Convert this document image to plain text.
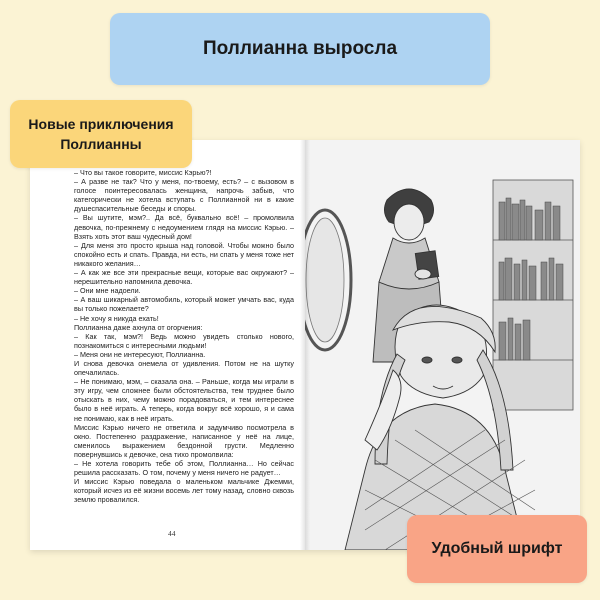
– Что вы такое говорите, миссис Кэрью?!

– А разве не так? Что у меня, по-твоему, есть? – с вызовом в голосе поинтересовалась женщина, напрочь забыв, что категорически не хотела вступать с Поллианной ни в какие душеспасительные беседы и споры.

– Вы шутите, мэм?.. Да всё, буквально всё! – промолвила девочка, по-прежнему с недоумением глядя на миссис Кэрью. – Взять хоть этот ваш чудесный дом!

– Для меня это просто крыша над головой. Чтобы можно было спокойно есть и спать. Правда, ни есть, ни спать у меня тоже нет никакого желания…

– А как же все эти прекрасные вещи, которые вас окружают? – нерешительно напомнила девочка.

– Они мне надоели.

– А ваш шикарный автомобиль, который может умчать вас, куда вы только пожелаете?

– Не хочу я никуда ехать!

Поллианна даже ахнула от огорчения:

– Как так, мэм?! Ведь можно увидеть столько нового, познакомиться с интересными людьми!

– Меня они не интересуют, Поллианна.

И снова девочка онемела от удивления. Потом не на шутку опечалилась.

– Не понимаю, мэм, – сказала она. – Раньше, когда мы играли в эту игру, чем сложнее были обстоятельства, тем труднее было отыскать в них, чему можно порадоваться, и тем интереснее было в неё играть. А теперь, когда вокруг всё хорошо, я и сама не понимаю, как в неё играть.

Миссис Кэрью ничего не ответила и задумчиво посмотрела в окно. Постепенно раздражение, написанное у неё на лице, сменилось выражением бездонной грусти. Медленно повернувшись к девочке, она тихо промолвила:

– Не хотела говорить тебе об этом, Поллианна… Но сейчас решила рассказать. О том, почему у меня ничего не радует…

И миссис Кэрью поведала о маленьком мальчике Джемми, который исчез из её жизни восемь лет тому назад, словно сквозь землю провалился.

44
Поллианна выросла
Новые приключения
Поллианны
Удобный шрифт
